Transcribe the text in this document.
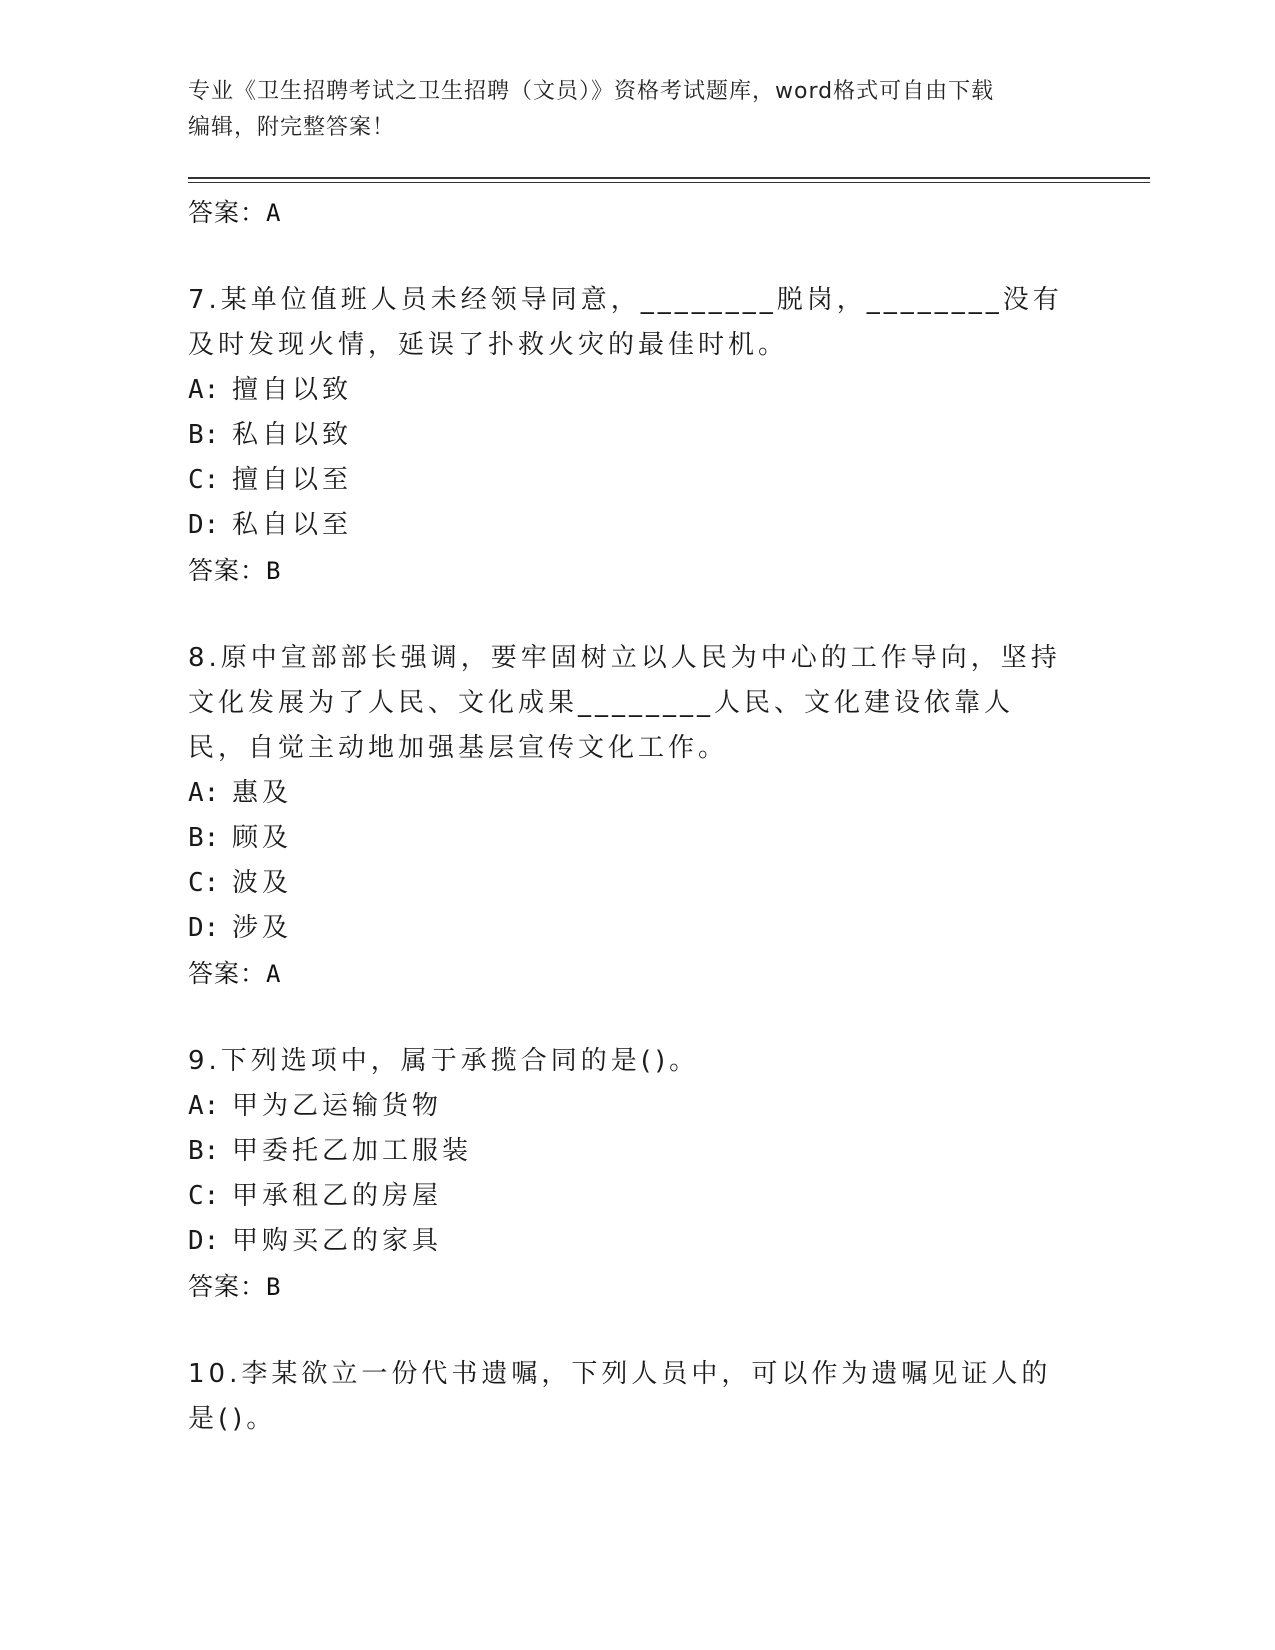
专业《卫生招聘考试之卫生招聘（文员）》资格考试题库，word格式可自由下载
编辑，附完整答案！
答案：A
7.某单位值班人员未经领导同意，________脱岗，________没有及时发现火情，延误了扑救火灾的最佳时机。
A: 擅自以致
B: 私自以致
C: 擅自以至
D: 私自以至
答案：B
8.原中宣部部长强调，要牢固树立以人民为中心的工作导向，坚持文化发展为了人民、文化成果________人民、文化建设依靠人民，自觉主动地加强基层宣传文化工作。
A: 惠及
B: 顾及
C: 波及
D: 涉及
答案：A
9.下列选项中，属于承揽合同的是()。
A: 甲为乙运输货物
B: 甲委托乙加工服装
C: 甲承租乙的房屋
D: 甲购买乙的家具
答案：B
10.李某欲立一份代书遗嘱，下列人员中，可以作为遗嘱见证人的是()。
